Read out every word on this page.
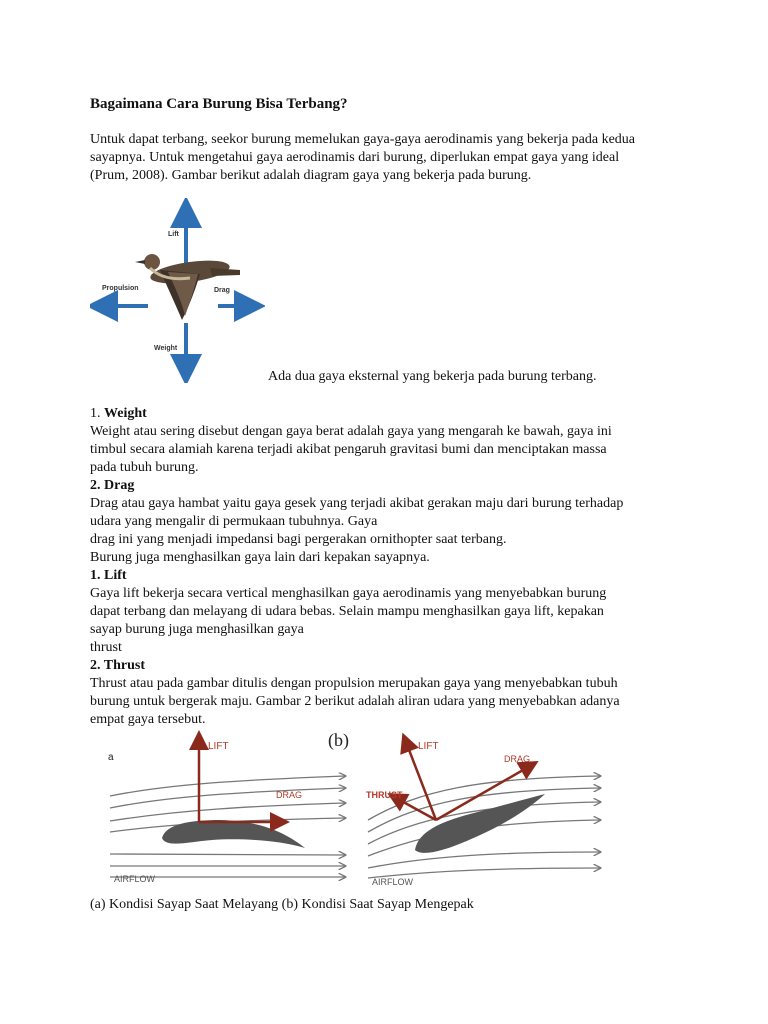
Bagaimana Cara Burung Bisa Terbang?
Untuk dapat terbang, seekor burung memelukan gaya-gaya aerodinamis yang bekerja pada kedua
sayapnya. Untuk mengetahui gaya aerodinamis dari burung, diperlukan empat gaya yang ideal
(Prum, 2008). Gambar berikut adalah diagram gaya yang bekerja pada burung.
Lift
Propulsion	Drag
Weight
Ada dua gaya eksternal yang bekerja pada burung terbang.
1. Weight
Weight atau sering disebut dengan gaya berat adalah gaya yang mengarah ke bawah, gaya ini
timbul secara alamiah karena terjadi akibat pengaruh gravitasi bumi dan menciptakan massa
pada tubuh burung.
2. Drag
Drag atau gaya hambat yaitu gaya gesek yang terjadi akibat gerakan maju dari burung terhadap
udara yang mengalir di permukaan tubuhnya. Gaya
drag ini yang menjadi impedansi bagi pergerakan ornithopter saat terbang.
Burung juga menghasilkan gaya lain dari kepakan sayapnya.
1. Lift
Gaya lift bekerja secara vertical menghasilkan gaya aerodinamis yang menyebabkan burung
dapat terbang dan melayang di udara bebas. Selain mampu menghasilkan gaya lift, kepakan
sayap burung juga menghasilkan gaya
thrust
2. Thrust
Thrust atau pada gambar ditulis dengan propulsion merupakan gaya yang menyebabkan tubuh
burung untuk bergerak maju. Gambar 2 berikut adalah aliran udara yang menyebabkan adanya
empat gaya tersebut.
a
LIFT
DRAG
AIRFLOW
(b)	LIFT
DRAG
THRUST
AIRFLOW
(a) Kondisi Sayap Saat Melayang (b) Kondisi Saat Sayap Mengepak
